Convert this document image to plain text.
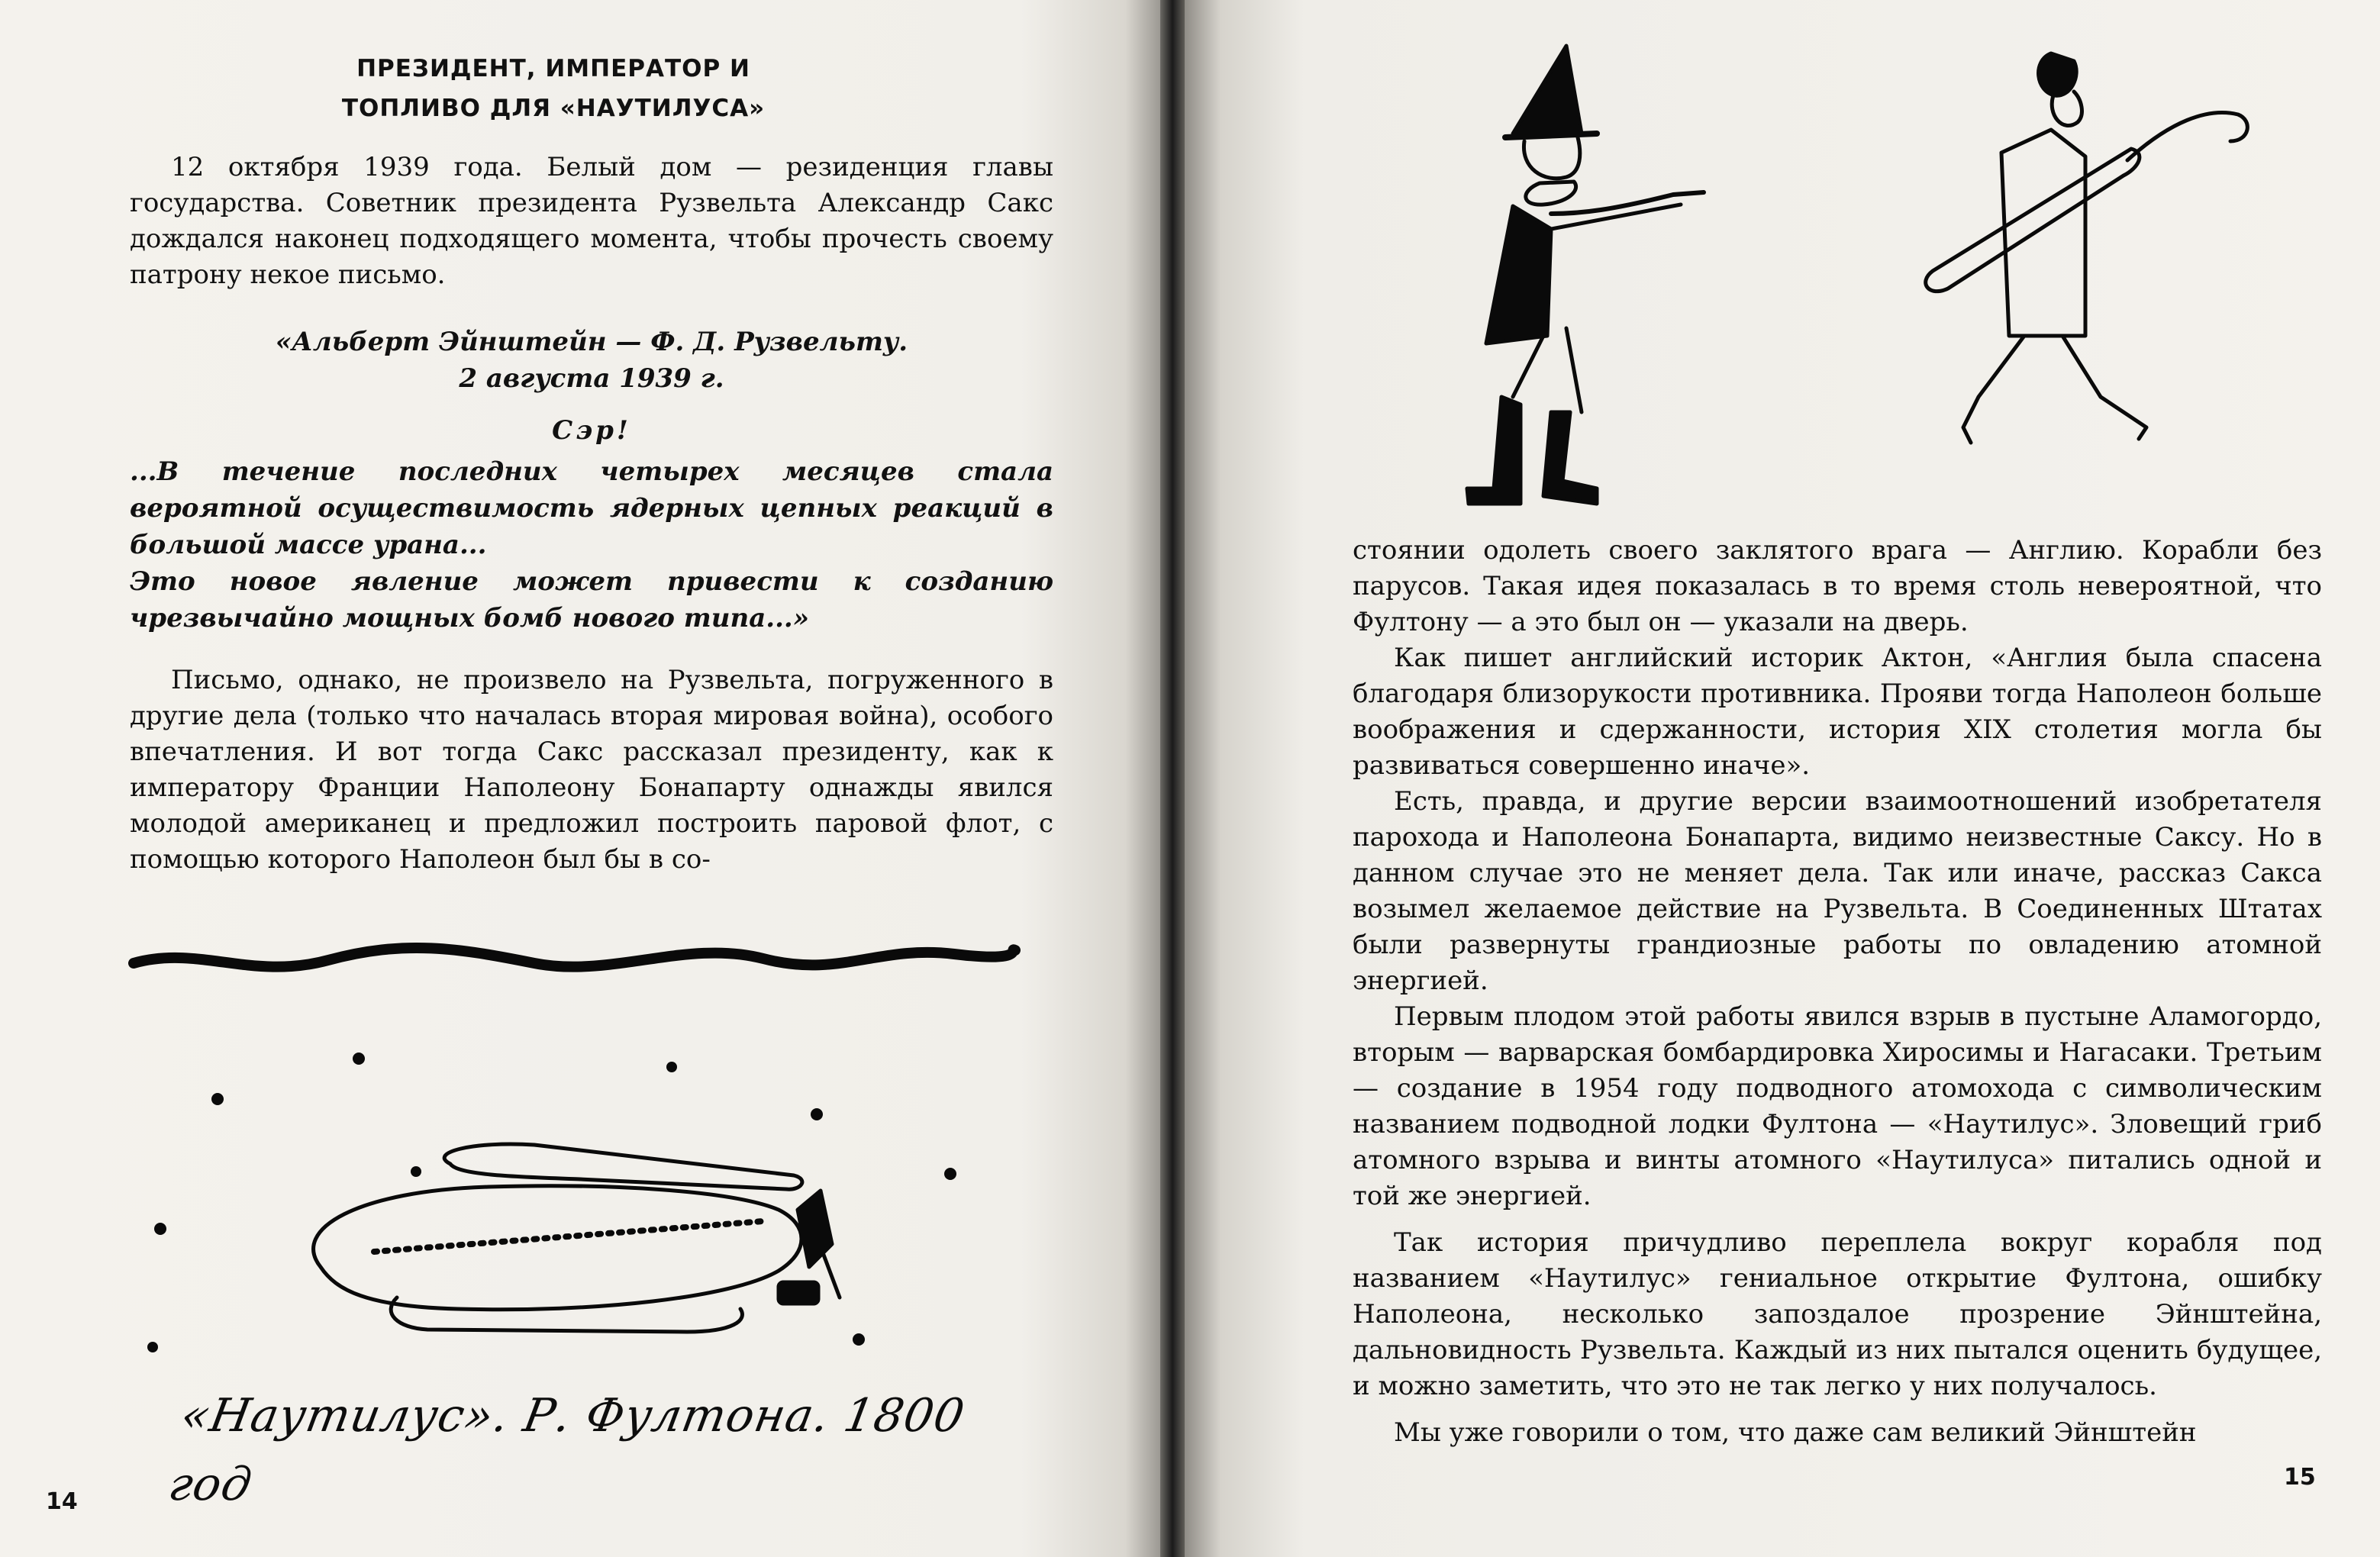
ПРЕЗИДЕНТ, ИМПЕРАТОР И
ТОПЛИВО ДЛЯ «НАУТИЛУСА»

12 октября 1939 года. Белый дом — резиденция главы государства. Советник президента Рузвельта Александр Сакс дождался наконец подходящего момента, чтобы прочесть своему патрону некое письмо.

«Альберт Эйнштейн — Ф. Д. Рузвельту.

2 августа 1939 г.

Сэр!

...В течение последних четырех месяцев стала вероятной осуществимость ядерных цепных реакций в большой массе урана...

Это новое явление может привести к созданию чрезвычайно мощных бомб нового типа...»

Письмо, однако, не произвело на Рузвельта, погруженного в другие дела (только что началась вторая мировая война), особого впечатления. И вот тогда Сакс рассказал президенту, как к императору Франции Наполеону Бонапарту однажды явился молодой американец и предложил построить паровой флот, с помощью которого Наполеон был бы в со-

«Наутилус». Р. Фултона. 1800 год
14

стоянии одолеть своего заклятого врага — Англию. Корабли без парусов. Такая идея показалась в то время столь невероятной, что Фултону — а это был он — указали на дверь.

Как пишет английский историк Актон, «Англия была спасена благодаря близорукости противника. Прояви тогда Наполеон больше воображения и сдержанности, история XIX столетия могла бы развиваться совершенно иначе».

Есть, правда, и другие версии взаимоотношений изобретателя парохода и Наполеона Бонапарта, видимо неизвестные Саксу. Но в данном случае это не меняет дела. Так или иначе, рассказ Сакса возымел желаемое действие на Рузвельта. В Соединенных Штатах были развернуты грандиозные работы по овладению атомной энергией.

Первым плодом этой работы явился взрыв в пустыне Аламогордо, вторым — варварская бомбардировка Хиросимы и Нагасаки. Третьим — создание в 1954 году подводного атомохода с символическим названием подводной лодки Фултона — «Наутилус». Зловещий гриб атомного взрыва и винты атомного «Наутилуса» питались одной и той же энергией.

Так история причудливо переплела вокруг корабля под названием «Наутилус» гениальное открытие Фултона, ошибку Наполеона, несколько запоздалое прозрение Эйнштейна, дальновидность Рузвельта. Каждый из них пытался оценить будущее, и можно заметить, что это не так легко у них получалось.

Мы уже говорили о том, что даже сам великий Эйнштейн

15
